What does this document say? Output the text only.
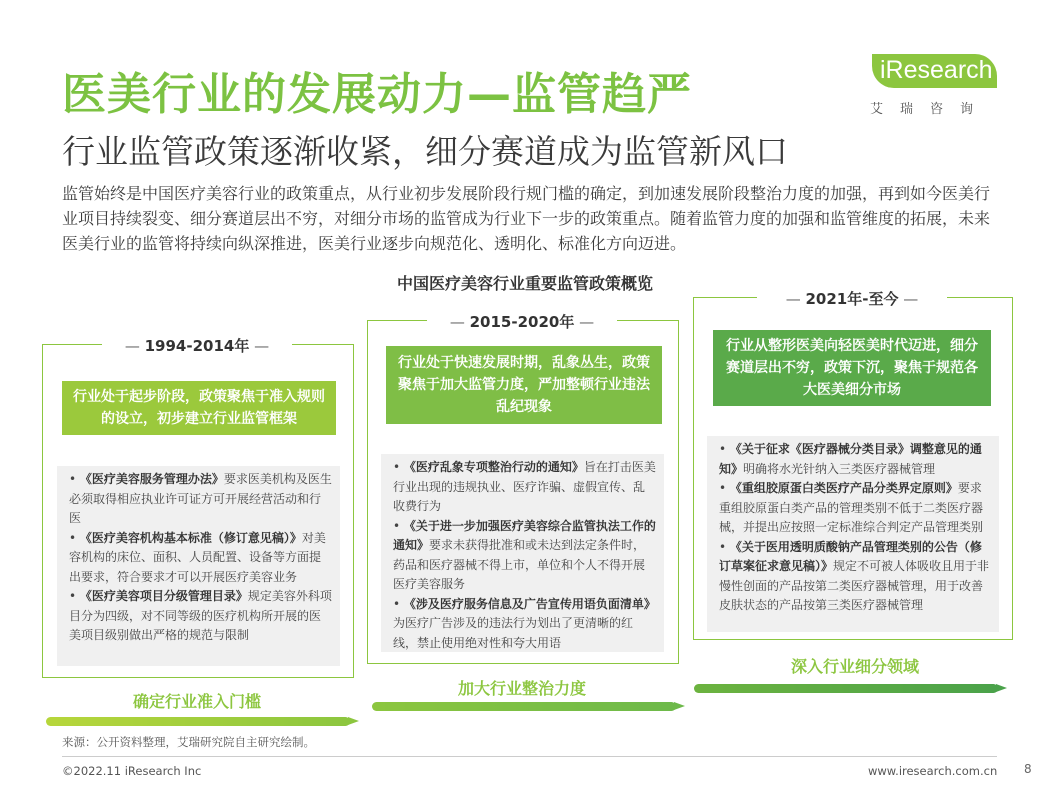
医美行业的发展动力—监管趋严
行业监管政策逐渐收紧，细分赛道成为监管新风口
iResearch
艾瑞咨询
监管始终是中国医疗美容行业的政策重点，从行业初步发展阶段行规门槛的确定，到加速发展阶段整治力度的加强，再到如今医美行业项目持续裂变、细分赛道层出不穷，对细分市场的监管成为行业下一步的政策重点。随着监管力度的加强和监管维度的拓展，未来医美行业的监管将持续向纵深推进，医美行业逐步向规范化、透明化、标准化方向迈进。
中国医疗美容行业重要监管政策概览
— 1994-2014年 —
行业处于起步阶段，政策聚焦于准入规则的设立，初步建立行业监管框架

• 《医疗美容服务管理办法》要求医美机构及医生必须取得相应执业许可证方可开展经营活动和行医

• 《医疗美容机构基本标准（修订意见稿）》对美容机构的床位、面积、人员配置、设备等方面提出要求，符合要求才可以开展医疗美容业务

• 《医疗美容项目分级管理目录》规定美容外科项目分为四级，对不同等级的医疗机构所开展的医美项目级别做出严格的规范与限制

确定行业准入门槛
— 2015-2020年 —
行业处于快速发展时期，乱象丛生，政策聚焦于加大监管力度，严加整顿行业违法乱纪现象

• 《医疗乱象专项整治行动的通知》旨在打击医美行业出现的违规执业、医疗诈骗、虚假宣传、乱收费行为

• 《关于进一步加强医疗美容综合监管执法工作的通知》要求未获得批准和或未达到法定条件时，药品和医疗器械不得上市，单位和个人不得开展医疗美容服务

• 《涉及医疗服务信息及广告宣传用语负面清单》为医疗广告涉及的违法行为划出了更清晰的红线，禁止使用绝对性和夸大用语

加大行业整治力度
— 2021年-至今 —
行业从整形医美向轻医美时代迈进，细分赛道层出不穷，政策下沉，聚焦于规范各大医美细分市场

• 《关于征求《医疗器械分类目录》调整意见的通知》明确将水光针纳入三类医疗器械管理

• 《重组胶原蛋白类医疗产品分类界定原则》要求重组胶原蛋白类产品的管理类别不低于二类医疗器械，并提出应按照一定标准综合判定产品管理类别

• 《关于医用透明质酸钠产品管理类别的公告（修订草案征求意见稿）》规定不可被人体吸收且用于非慢性创面的产品按第二类医疗器械管理，用于改善皮肤状态的产品按第三类医疗器械管理

深入行业细分领域
来源：公开资料整理，艾瑞研究院自主研究绘制。
©2022.11 iResearch Inc	www.iresearch.com.cn 8
